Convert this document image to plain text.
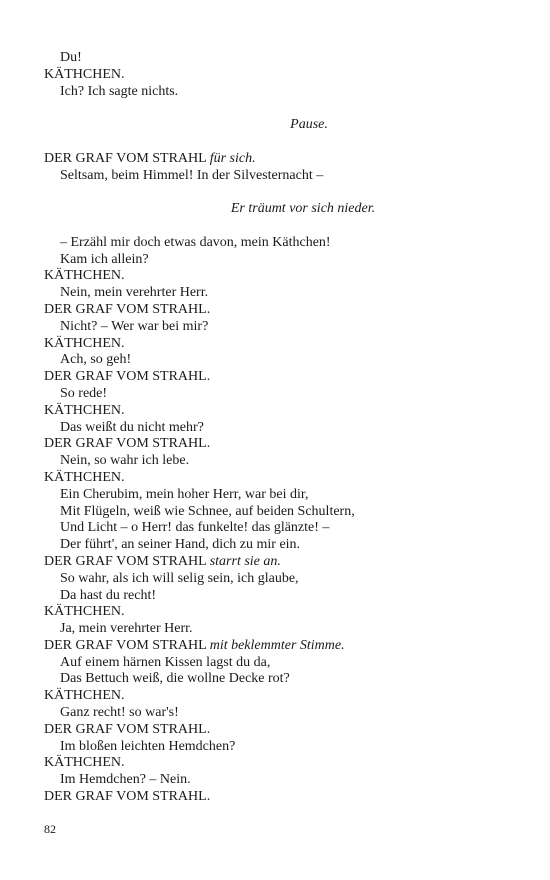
Du!
KÄTHCHEN.
Ich? Ich sagte nichts.
Pause.
DER GRAF VOM STRAHL für sich.
Seltsam, beim Himmel! In der Silvesternacht –
Er träumt vor sich nieder.
– Erzähl mir doch etwas davon, mein Käthchen!
Kam ich allein?
KÄTHCHEN.
Nein, mein verehrter Herr.
DER GRAF VOM STRAHL.
Nicht? – Wer war bei mir?
KÄTHCHEN.
Ach, so geh!
DER GRAF VOM STRAHL.
So rede!
KÄTHCHEN.
Das weißt du nicht mehr?
DER GRAF VOM STRAHL.
Nein, so wahr ich lebe.
KÄTHCHEN.
Ein Cherubim, mein hoher Herr, war bei dir,
Mit Flügeln, weiß wie Schnee, auf beiden Schultern,
Und Licht – o Herr! das funkelte! das glänzte! –
Der führt', an seiner Hand, dich zu mir ein.
DER GRAF VOM STRAHL starrt sie an.
So wahr, als ich will selig sein, ich glaube,
Da hast du recht!
KÄTHCHEN.
Ja, mein verehrter Herr.
DER GRAF VOM STRAHL mit beklemmter Stimme.
Auf einem härnen Kissen lagst du da,
Das Bettuch weiß, die wollne Decke rot?
KÄTHCHEN.
Ganz recht! so war's!
DER GRAF VOM STRAHL.
Im bloßen leichten Hemdchen?
KÄTHCHEN.
Im Hemdchen? – Nein.
DER GRAF VOM STRAHL.
82
